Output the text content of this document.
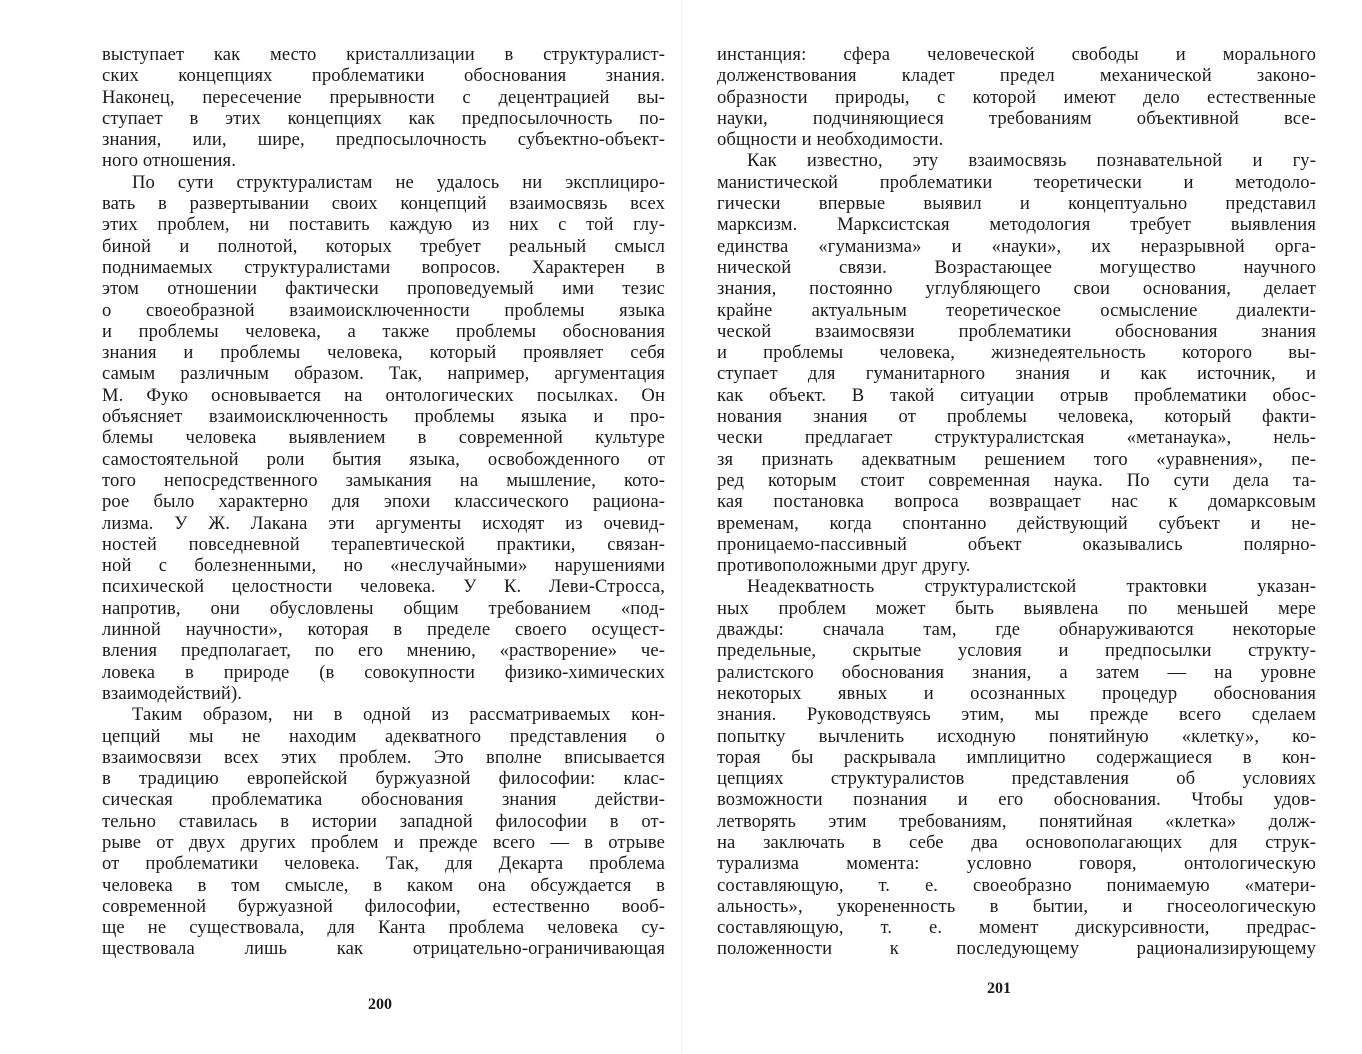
выступает как место кристаллизации в структуралист-
ских концепциях проблематики обоснования знания.
Наконец, пересечение прерывности с децентрацией вы-
ступает в этих концепциях как предпосылочность по-
знания, или, шире, предпосылочность субъектно-объект-
ного отношения.
По сути структуралистам не удалось ни эксплициро-
вать в развертывании своих концепций взаимосвязь всех
этих проблем, ни поставить каждую из них с той глу-
биной и полнотой, которых требует реальный смысл
поднимаемых структуралистами вопросов. Характерен в
этом отношении фактически проповедуемый ими тезис
о своеобразной взаимоисключенности проблемы языка
и проблемы человека, а также проблемы обоснования
знания и проблемы человека, который проявляет себя
самым различным образом. Так, например, аргументация
М. Фуко основывается на онтологических посылках. Он
объясняет взаимоисключенность проблемы языка и про-
блемы человека выявлением в современной культуре
самостоятельной роли бытия языка, освобожденного от
того непосредственного замыкания на мышление, кото-
рое было характерно для эпохи классического рациона-
лизма. У Ж. Лакана эти аргументы исходят из очевид-
ностей повседневной терапевтической практики, связан-
ной с болезненными, но «неслучайными» нарушениями
психической целостности человека. У К. Леви-Стросса,
напротив, они обусловлены общим требованием «под-
линной научности», которая в пределе своего осущест-
вления предполагает, по его мнению, «растворение» че-
ловека в природе (в совокупности физико-химических
взаимодействий).
Таким образом, ни в одной из рассматриваемых кон-
цепций мы не находим адекватного представления о
взаимосвязи всех этих проблем. Это вполне вписывается
в традицию европейской буржуазной философии: клас-
сическая проблематика обоснования знания действи-
тельно ставилась в истории западной философии в от-
рыве от двух других проблем и прежде всего — в отрыве
от проблематики человека. Так, для Декарта проблема
человека в том смысле, в каком она обсуждается в
современной буржуазной философии, естественно вооб-
ще не существовала, для Канта проблема человека су-
ществовала лишь как отрицательно-ограничивающая
200
инстанция: сфера человеческой свободы и морального
долженствования кладет предел механической законо-
образности природы, с которой имеют дело естественные
науки, подчиняющиеся требованиям объективной все-
общности и необходимости.
Как известно, эту взаимосвязь познавательной и гу-
манистической проблематики теоретически и методоло-
гически впервые выявил и концептуально представил
марксизм. Марксистская методология требует выявления
единства «гуманизма» и «науки», их неразрывной орга-
нической связи. Возрастающее могущество научного
знания, постоянно углубляющего свои основания, делает
крайне актуальным теоретическое осмысление диалекти-
ческой взаимосвязи проблематики обоснования знания
и проблемы человека, жизнедеятельность которого вы-
ступает для гуманитарного знания и как источник, и
как объект. В такой ситуации отрыв проблематики обос-
нования знания от проблемы человека, который факти-
чески предлагает структуралистская «метанаука», нель-
зя признать адекватным решением того «уравнения», пе-
ред которым стоит современная наука. По сути дела та-
кая постановка вопроса возвращает нас к домарксовым
временам, когда спонтанно действующий субъект и не-
проницаемо-пассивный объект оказывались полярно-
противоположными друг другу.
Неадекватность структуралистской трактовки указан-
ных проблем может быть выявлена по меньшей мере
дважды: сначала там, где обнаруживаются некоторые
предельные, скрытые условия и предпосылки структу-
ралистского обоснования знания, а затем — на уровне
некоторых явных и осознанных процедур обоснования
знания. Руководствуясь этим, мы прежде всего сделаем
попытку вычленить исходную понятийную «клетку», ко-
торая бы раскрывала имплицитно содержащиеся в кон-
цепциях структуралистов представления об условиях
возможности познания и его обоснования. Чтобы удов-
летворять этим требованиям, понятийная «клетка» долж-
на заключать в себе два основополагающих для струк-
турализма момента: условно говоря, онтологическую
составляющую, т. е. своеобразно понимаемую «матери-
альность», укорененность в бытии, и гносеологическую
составляющую, т. е. момент дискурсивности, предрас-
положенности к последующему рационализирующему
201
